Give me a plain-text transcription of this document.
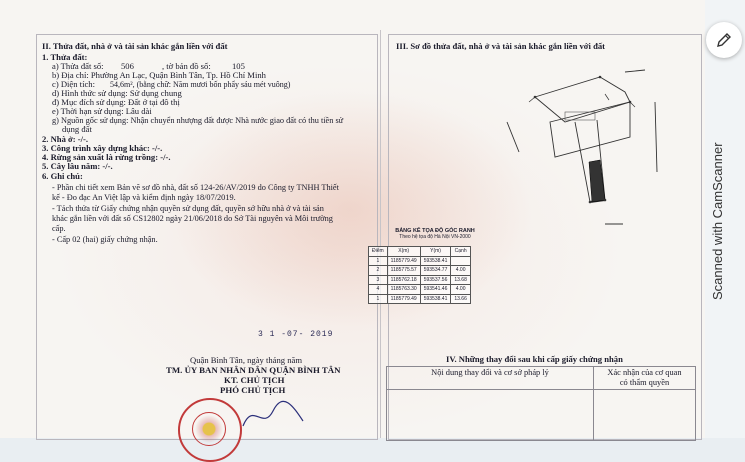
II. Thửa đất, nhà ở và tài sản khác gắn liền với đất
1. Thửa đất:
a) Thửa đất số: 506	, tờ bản đồ số: 105
b) Địa chỉ: Phường An Lạc, Quận Bình Tân, Tp. Hồ Chí Minh
c) Diện tích: 54,6m², (bằng chữ: Năm mươi bốn phẩy sáu mét vuông)
d) Hình thức sử dụng: Sử dụng chung
đ) Mục đích sử dụng: Đất ở tại đô thị
e) Thời hạn sử dụng: Lâu dài
g) Nguồn gốc sử dụng: Nhận chuyển nhượng đất được Nhà nước giao đất có thu tiền sử
dụng đất
2. Nhà ở: -/-.
3. Công trình xây dựng khác: -/-.
4. Rừng sản xuất là rừng trồng: -/-.
5. Cây lâu năm: -/-.
6. Ghi chú:
- Phần chi tiết xem Bản vẽ sơ đồ nhà, đất số 124-26/AV/2019 do Công ty TNHH Thiết
kế - Đo đạc An Việt lập và kiểm định ngày 18/07/2019.
- Tách thửa từ Giấy chứng nhận quyền sử dụng đất, quyền sở hữu nhà ở và tài sản
khác gắn liền với đất số CS12802 ngày 21/06/2018 do Sở Tài nguyên và Môi trường
cấp.
- Cấp 02 (hai) giấy chứng nhận.
III. Sơ đồ thửa đất, nhà ở và tài sản khác gắn liền với đất
BẢNG KÊ TỌA ĐỘ GÓC RANH
Theo hệ tọa độ Hà Nội VN-2000
Điểm	X(m)	Y(m)	Cạnh
1	1185779.49	593538.41	
2	1185775.57	593534.77	4.00
3	1185762.18	593537.56	13.68
4	1185763.30	593541.46	4.00
1	1185779.49	593538.41	13.66
3 1 -07- 2019
Quận Bình Tân, ngày tháng năm
TM. ỦY BAN NHÂN DÂN QUẬN BÌNH TÂN
KT. CHỦ TỊCH
PHÓ CHỦ TỊCH
IV. Những thay đổi sau khi cấp giấy chứng nhận
Nội dung thay đổi và cơ sở pháp lý	Xác nhận của cơ quan
có thẩm quyền

Scanned with CamScanner
